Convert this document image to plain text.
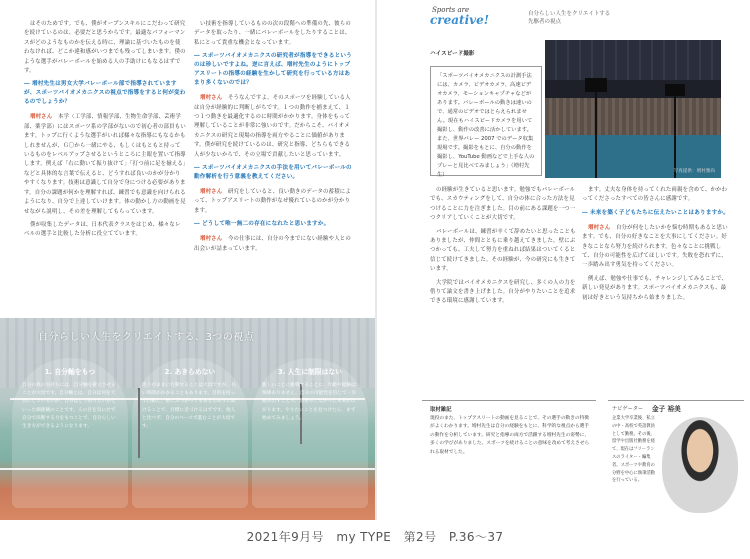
はそのためです。でも、僕がオープンスキルにこだわって研究を続けているのは、必要だと思うからです。最適なパフォーマンスがどのようなものかを伝える時に、理論に基づいたものを使わなければ、どこか違和感がいつまでも残ってしまいます。僕のような選手がバレーボールを始める人の手助けにもなるはずです。

― 増村先生は男女大学バレーボール部で指導されていますが、スポーツバイオメカニクスの視点で指導をすると何が変わるのでしょうか？

増村さん　 本学（工学部、情報学部、生物生命学部、芸術学部、薬学部）にはスポーツ系の学部がないので初心者の部員もいます。トップに行くような選手がいれば様々な指導にもなるかもしれませんが、Ｇ〇から一緒にやる、もしくはもともと持っているものをレベルアップさせるというところに主眼を置いて指導します。例えば「右に動いて振り抜けて」「打つ前に足を揃える」などと具体的な言葉で伝えると、どうすれば良いのかが分かりやすくなります。技術は意識して自分で身につける必要があります。自分の課題が何かを理解すれば、練習でも意識を向けられるようになり、自分で上達していけます。体の動かし方の動画を見せながら説明し、その差を理解してもらっています。

僕が収集したデータは、日本代表クラスをはじめ、様々なレベルの選手と比較した分析に役立てています。

い技術を指導しているものの次の段階への準備の先、彼らのデータを取ったり、一緒にバレーボールをしたりすることは、私にとって貴重な機会となっています。

― スポーツバイオメカニクスの研究者が指導をできるというのは珍しいですよね。逆に言えば、増村先生のようにトップアスリートの指導の経験を生かして研究を行っている方はあまり多くないのでは？

増村さん　 そうなんですよ。そのスポーツを経験している人は自分が経験的に判断しがちです。１つの動作を捕まえて、１つ１つ動きを最適化するのに時間がかかります。身体をもって理解していることが非常に強いのです。だからこそ、バイオメカニクスの研究と現場の指導を両方やることに価値があります。僕が研究を続けているのは、研究と指導、どちらもできる人が少ないからで、その立場で貢献したいと思っています。

― スポーツバイオメカニクスの手法を用いてバレーボールの動作解析を行う意義を教えてください。

増村さん　 研究をしていると、良い動きのデータの蓄積によって、トップアスリートの動作がなぜ優れているのかが分かります。

― どうして唯一無二の存在になれたと思いますか。

増村さん　 今の仕事には、自分の今までにない経験や人との出会いが詰まっています。

自分らしい人生をクリエイトする、3つの視点
1. 自分軸をもつ
自分の真の気持ちには、自分軸を確立させることが大切です。自分軸とは、自分は何を大切にしているのか、自分はどうありたいかといった価値観のことです。人の目を気にせず、自分で決断する力をもつことで、自分らしい生き方ができるようになります。
2. あきらめない
思うがままに行動することは大切ですが、長い時間がかかることもあります。目的を持って行動し、壁にぶつかってもあきらめずに続けることで、目標に近づけるはずです。他人と比べず、自分のペースで進むことが大切です。
3. 人生に制限はない
新しいことに挑戦することに、年齢や経験は関係ありません。自分の可能性を信じて一歩踏み出すことで、想像もしなかった未来が広がります。やりたいことを見つけたら、まず始めてみましょう。
Sports are
creative!	自分らしい人生をクリエイトする
先駆者の視点
ハイスピード撮影
「スポーツバイオメカニクスの計測手法には、カメラ、ビデオカメラ、高速ビデオカメラ、モーションキャプチャなどがあります。バレーボールの動きは速いので、通常のビデオではとらえられません。現在もハイスピードカメラを用いて撮影し、動作の改善に活かしています。また、世界バレー 2007 でのデータ収集現場です。撮影をもとに、自分の動作を撮影し、YouTube 動画などで上手な人のプレーと見比べてみましょう」（増村先生）
写真提供：増村雅尚

の経験が生きていると思います。勉強でもバレーボールでも、スカウティングをして、自分の体に合った方法を見つけることに力を注ぎました。目の前にある課題を一つ一つクリアしていくことが大切です。

バレーボールは、練習が辛くて辞めたいと思ったこともありましたが、仲間とともに乗り越えてきました。壁にぶつかっても、工夫して努力を重ねれば結果はついてくると信じて続けてきました。その経験が、今の研究にも生きています。

大学院ではバイオメカニクスを研究し、多くの人の力を借りて論文を書き上げました。自分がやりたいことを追求できる環境に感謝しています。

ます。丈夫な身体を持ってくれた両親を含めて、かかわってくださったすべての皆さんに感謝です。

― 未来を築く子どもたちに伝えたいことはありますか。

増村さん　 自分が何をしたいかを悩む時期もあると思います。でも、自分の好きなことを大事にしてください。好きなことなら努力を続けられます。色々なことに挑戦して、自分の可能性を広げてほしいです。失敗を恐れずに、一歩踏み出す勇気を持ってください。

例えば、勉強や仕事でも、チャレンジしてみることで、新しい発見があります。スポーツバイオメカニクスも、最初は好きという気持ちから始まりました。

取材雑記
現役のまた、トップアスリートの動画を見ることで、その選手の動きの特徴がよくわかります。増村先生は自分の経験をもとに、科学的な視点から選手の動作を分析しています。研究と指導の両方で活躍する増村先生の姿勢に、多くの学びがありました。スポーツを続けることの意味を改めて考えさせられる取材でした。
ナビゲーター 金子 裕美
企業大学卒業後、私立の中・高校で英語教員として勤務。その後、留学や出版社勤務を経て、現在はフリーランスのライター・編集者。スポーツや教育の分野を中心に執筆活動を行っている。
2021年9月号　my TYPE　第2号　P.36～37
